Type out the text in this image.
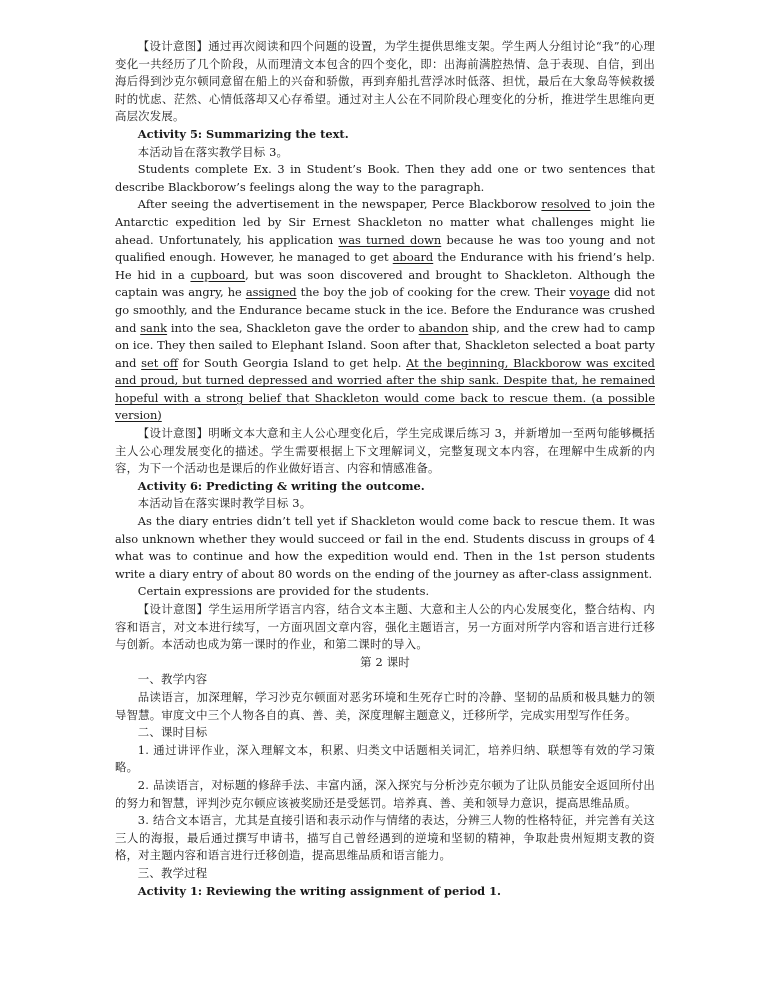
【设计意图】通过再次阅读和四个问题的设置，为学生提供思维支架。学生两人分组讨论“我”的心理变化一共经历了几个阶段，从而理清文本包含的四个变化，即：出海前满腔热情、急于表现、自信，到出海后得到沙克尔顿同意留在船上的兴奋和骄傲，再到弃船扎营浮冰时低落、担忧，最后在大象岛等候救援时的忧虑、茫然、心情低落却又心存希望。通过对主人公在不同阶段心理变化的分析，推进学生思维向更高层次发展。

Activity 5: Summarizing the text.

本活动旨在落实教学目标 3。

Students complete Ex. 3 in Student’s Book. Then they add one or two sentences that describe Blackborow’s feelings along the way to the paragraph.

After seeing the advertisement in the newspaper, Perce Blackborow resolved to join the Antarctic expedition led by Sir Ernest Shackleton no matter what challenges might lie ahead. Unfortunately, his application was turned down because he was too young and not qualified enough. However, he managed to get aboard the Endurance with his friend’s help. He hid in a cupboard, but was soon discovered and brought to Shackleton. Although the captain was angry, he assigned the boy the job of cooking for the crew. Their voyage did not go smoothly, and the Endurance became stuck in the ice. Before the Endurance was crushed and sank into the sea, Shackleton gave the order to abandon ship, and the crew had to camp on ice. They then sailed to Elephant Island. Soon after that, Shackleton selected a boat party and set off for South Georgia Island to get help. At the beginning, Blackborow was excited and proud, but turned depressed and worried after the ship sank. Despite that, he remained hopeful with a strong belief that Shackleton would come back to rescue them. (a possible version)

【设计意图】明晰文本大意和主人公心理变化后，学生完成课后练习 3，并新增加一至两句能够概括主人公心理发展变化的描述。学生需要根据上下文理解词义，完整复现文本内容，在理解中生成新的内容，为下一个活动也是课后的作业做好语言、内容和情感准备。

Activity 6: Predicting & writing the outcome.

本活动旨在落实课时教学目标 3。

As the diary entries didn’t tell yet if Shackleton would come back to rescue them. It was also unknown whether they would succeed or fail in the end. Students discuss in groups of 4 what was to continue and how the expedition would end. Then in the 1st person students write a diary entry of about 80 words on the ending of the journey as after-class assignment.

Certain expressions are provided for the students.

【设计意图】学生运用所学语言内容，结合文本主题、大意和主人公的内心发展变化，整合结构、内容和语言，对文本进行续写，一方面巩固文章内容，强化主题语言，另一方面对所学内容和语言进行迁移与创新。本活动也成为第一课时的作业，和第二课时的导入。

第 2 课时

一、教学内容

品读语言，加深理解，学习沙克尔顿面对恶劣环境和生死存亡时的冷静、坚韧的品质和极具魅力的领导智慧。审度文中三个人物各自的真、善、美，深度理解主题意义，迁移所学，完成实用型写作任务。

二、课时目标

1. 通过讲评作业，深入理解文本，积累、归类文中话题相关词汇，培养归纳、联想等有效的学习策略。

2. 品读语言，对标题的修辞手法、丰富内涵，深入探究与分析沙克尔顿为了让队员能安全返回所付出的努力和智慧，评判沙克尔顿应该被奖励还是受惩罚。培养真、善、美和领导力意识，提高思维品质。

3. 结合文本语言，尤其是直接引语和表示动作与情绪的表达，分辨三人物的性格特征，并完善有关这三人的海报，最后通过撰写申请书，描写自己曾经遇到的逆境和坚韧的精神，争取赴贵州短期支教的资格，对主题内容和语言进行迁移创造，提高思维品质和语言能力。

三、教学过程

Activity 1: Reviewing the writing assignment of period 1.
